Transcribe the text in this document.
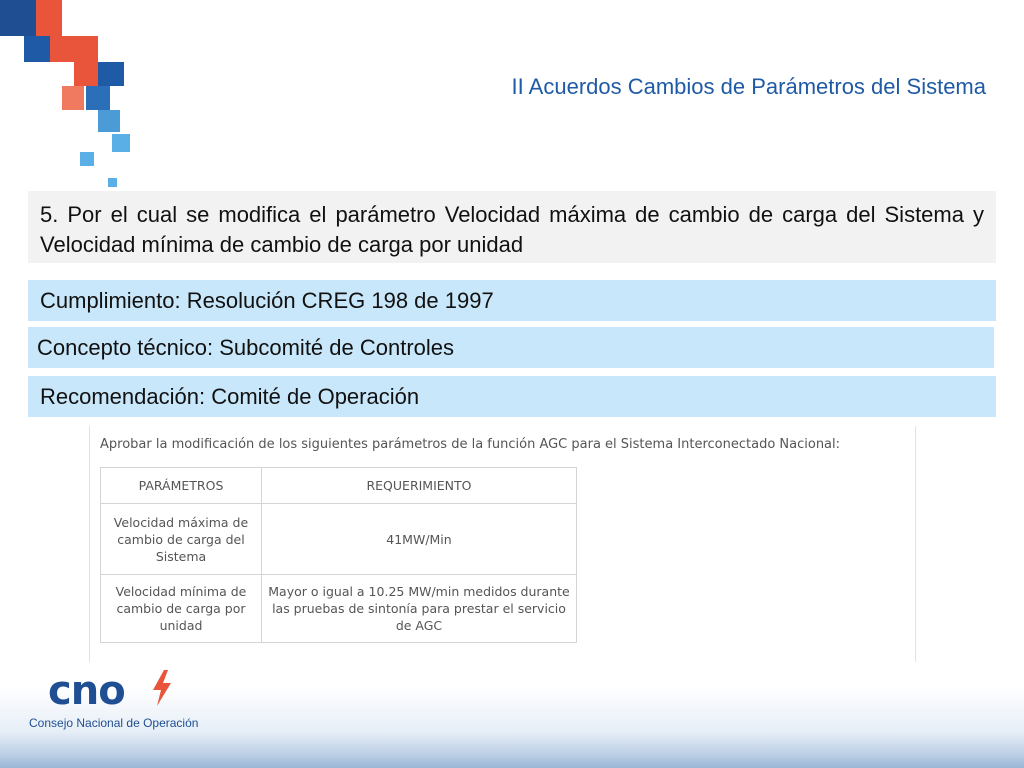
II Acuerdos Cambios de Parámetros del Sistema
5. Por el cual se modifica el parámetro Velocidad máxima de cambio de carga del Sistema y Velocidad mínima de cambio de carga por unidad
Cumplimiento: Resolución CREG 198 de 1997
Concepto técnico: Subcomité de Controles
Recomendación: Comité de Operación
Aprobar la modificación de los siguientes parámetros de la función AGC para el Sistema Interconectado Nacional:
PARÁMETROS	REQUERIMIENTO
Velocidad máxima de cambio de carga del Sistema	41MW/Min
Velocidad mínima de cambio de carga por unidad	Mayor o igual a 10.25 MW/min medidos durante las pruebas de sintonía para prestar el servicio de AGC
cno
Consejo Nacional de Operación
